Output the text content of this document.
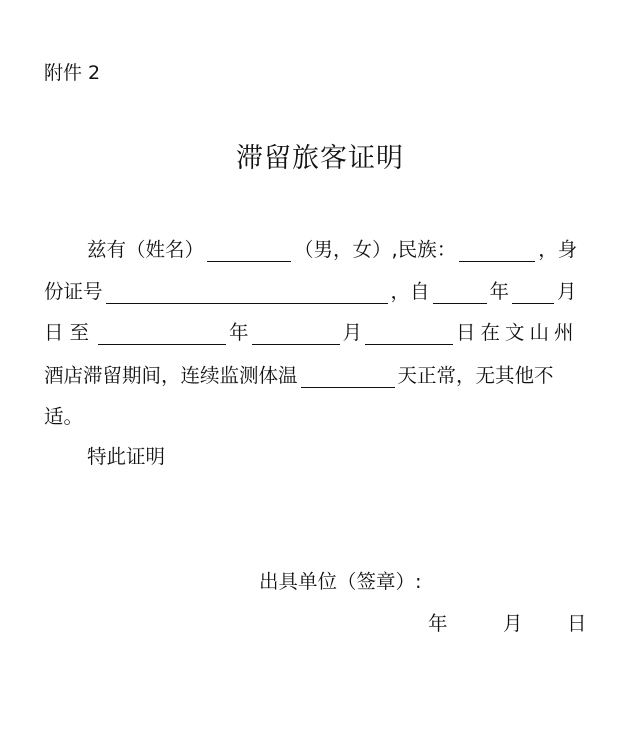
附件 2
滞留旅客证明
兹有（姓名）	（男，女）,民族：	，身
份证号	，自	年 月
日至	年	月	日在文山州
酒店滞留期间，连续监测体温	天正常，无其他不
适。
特此证明
出具单位（签章）:
年	月 日
